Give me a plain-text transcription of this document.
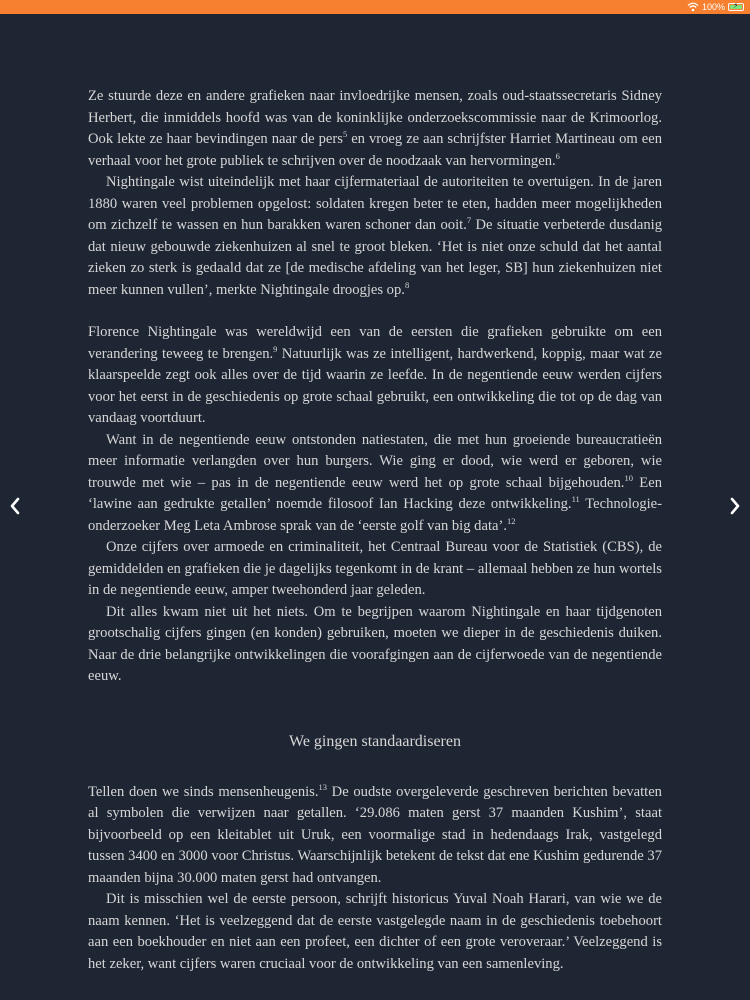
100% ⚡

Ze stuurde deze en andere grafieken naar invloedrijke mensen, zoals oud-staatssecretaris Sidney Herbert, die inmiddels hoofd was van de koninklijke onderzoekscommissie naar de Krimoorlog. Ook lekte ze haar bevindingen naar de pers$^5$ en vroeg ze aan schrijfster Harriet Martineau om een verhaal voor het grote publiek te schrijven over de noodzaak van hervormingen.$^6$

Nightingale wist uiteindelijk met haar cijfermateriaal de autoriteiten te overtuigen. In de jaren 1880 waren veel problemen opgelost: soldaten kregen beter te eten, hadden meer mogelijkheden om zichzelf te wassen en hun barakken waren schoner dan ooit.$^7$ De situatie verbeterde dusdanig dat nieuw gebouwde ziekenhuizen al snel te groot bleken. ‘Het is niet onze schuld dat het aantal zieken zo sterk is gedaald dat ze [de medische afdeling van het leger, SB] hun ziekenhuizen niet meer kunnen vullen’, merkte Nightingale droogjes op.$^8$

Florence Nightingale was wereldwijd een van de eersten die grafieken gebruikte om een verandering teweeg te brengen.$^9$ Natuurlijk was ze intelligent, hardwerkend, koppig, maar wat ze klaarspeelde zegt ook alles over de tijd waarin ze leefde. In de negentiende eeuw werden cijfers voor het eerst in de geschiedenis op grote schaal gebruikt, een ontwikkeling die tot op de dag van vandaag voortduurt.

Want in de negentiende eeuw ontstonden natiestaten, die met hun groeiende bureaucratieën meer informatie verlangden over hun burgers. Wie ging er dood, wie werd er geboren, wie trouwde met wie – pas in de negentiende eeuw werd het op grote schaal bijgehouden.$^{10}$ Een ‘lawine aan gedrukte getallen’ noemde filosoof Ian Hacking deze ontwikkeling.$^{11}$ Technologie-onderzoeker Meg Leta Ambrose sprak van de ‘eerste golf van big data’.$^{12}$

Onze cijfers over armoede en criminaliteit, het Centraal Bureau voor de Statistiek (CBS), de gemiddelden en grafieken die je dagelijks tegenkomt in de krant – allemaal hebben ze hun wortels in de negentiende eeuw, amper tweehonderd jaar geleden.

Dit alles kwam niet uit het niets. Om te begrijpen waarom Nightingale en haar tijdgenoten grootschalig cijfers gingen (en konden) gebruiken, moeten we dieper in de geschiedenis duiken. Naar de drie belangrijke ontwikkelingen die voorafgingen aan de cijferwoede van de negentiende eeuw.

We gingen standaardiseren

Tellen doen we sinds mensenheugenis.$^{13}$ De oudste overgeleverde geschreven berichten bevatten al symbolen die verwijzen naar getallen. ‘29.086 maten gerst 37 maanden Kushim’, staat bijvoorbeeld op een kleitablet uit Uruk, een voormalige stad in hedendaags Irak, vastgelegd tussen 3400 en 3000 voor Christus. Waarschijnlijk betekent de tekst dat ene Kushim gedurende 37 maanden bijna 30.000 maten gerst had ontvangen.

Dit is misschien wel de eerste persoon, schrijft historicus Yuval Noah Harari, van wie we de naam kennen. ‘Het is veelzeggend dat de eerste vastgelegde naam in de geschiedenis toebehoort aan een boekhouder en niet aan een profeet, een dichter of een grote veroveraar.’ Veelzeggend is het zeker, want cijfers waren cruciaal voor de ontwikkeling van een samenleving.
